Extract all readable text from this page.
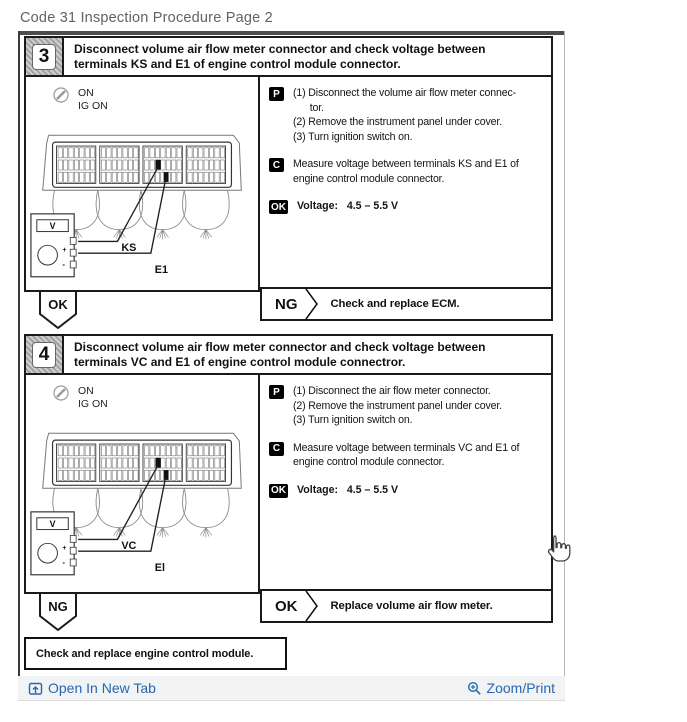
Code 31 Inspection Procedure Page 2
3	Disconnect volume air flow meter connector and check voltage between terminals KS and E1 of engine control module connector.
ON
IG ON
V
+
-
KS
E1
P	(1) Disconnect the volume air flow meter connec-
tor.
(2) Remove the instrument panel under cover.
(3) Turn ignition switch on.
C	Measure voltage between terminals KS and E1 of
engine control module connector.
OK Voltage:   4.5 – 5.5 V
NG	Check and replace ECM.
OK
4	Disconnect volume air flow meter connector and check voltage between terminals VC and E1 of engine control module connectror.
ON
IG ON
V
+
-
VC
El
P	(1) Disconnect the air flow meter connector.
(2) Remove the instrument panel under cover.
(3) Turn ignition switch on.
C	Measure voltage between terminals VC and E1 of
engine control module connector.
OK Voltage:   4.5 – 5.5 V
OK	Replace volume air flow meter.
NG
Check and replace engine control module.
Open In New Tab	Zoom/Print
